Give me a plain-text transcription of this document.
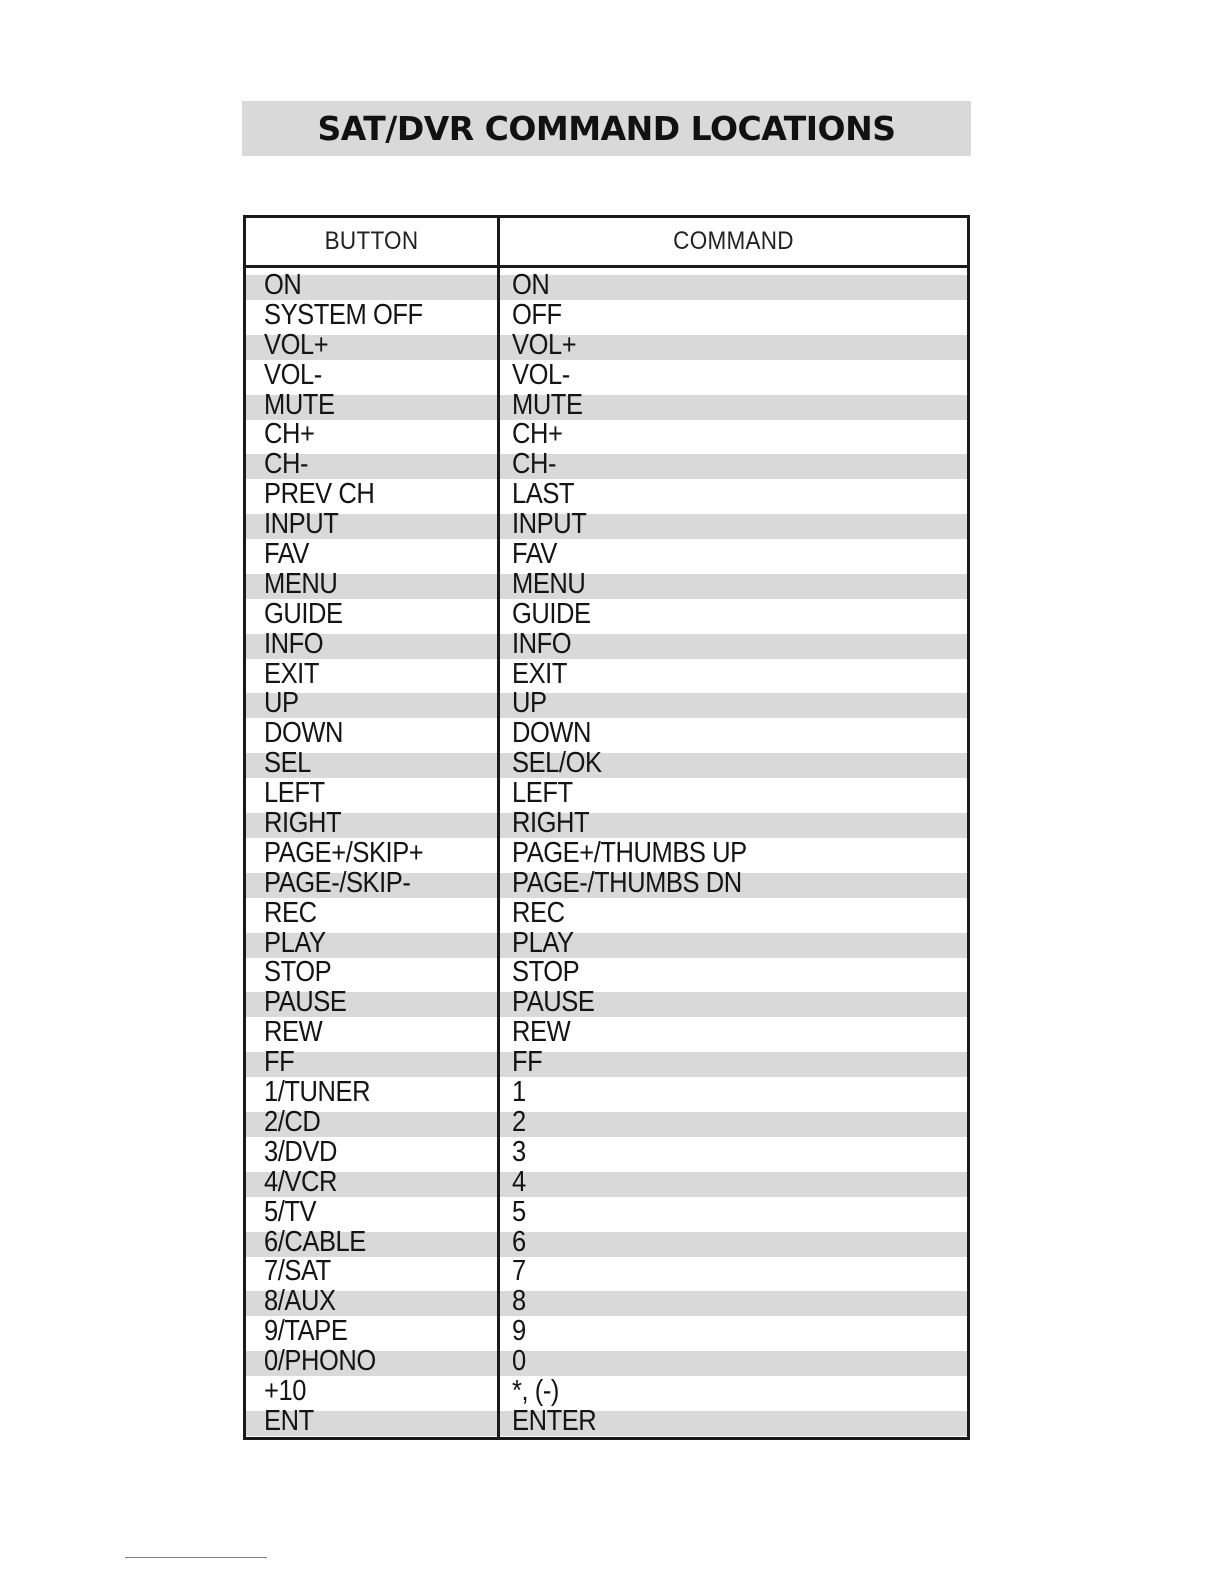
SAT/DVR COMMAND LOCATIONS
BUTTON	COMMAND
ON	ON
SYSTEM OFF	OFF
VOL+	VOL+
VOL-	VOL-
MUTE	MUTE
CH+	CH+
CH-	CH-
PREV CH	LAST
INPUT	INPUT
FAV	FAV
MENU	MENU
GUIDE	GUIDE
INFO	INFO
EXIT	EXIT
UP	UP
DOWN	DOWN
SEL	SEL/OK
LEFT	LEFT
RIGHT	RIGHT
PAGE+/SKIP+	PAGE+/THUMBS UP
PAGE-/SKIP-	PAGE-/THUMBS DN
REC	REC
PLAY	PLAY
STOP	STOP
PAUSE	PAUSE
REW	REW
FF	FF
1/TUNER	1
2/CD	2
3/DVD	3
4/VCR	4
5/TV	5
6/CABLE	6
7/SAT	7
8/AUX	8
9/TAPE	9
0/PHONO	0
+10	*, (-)
ENT	ENTER
